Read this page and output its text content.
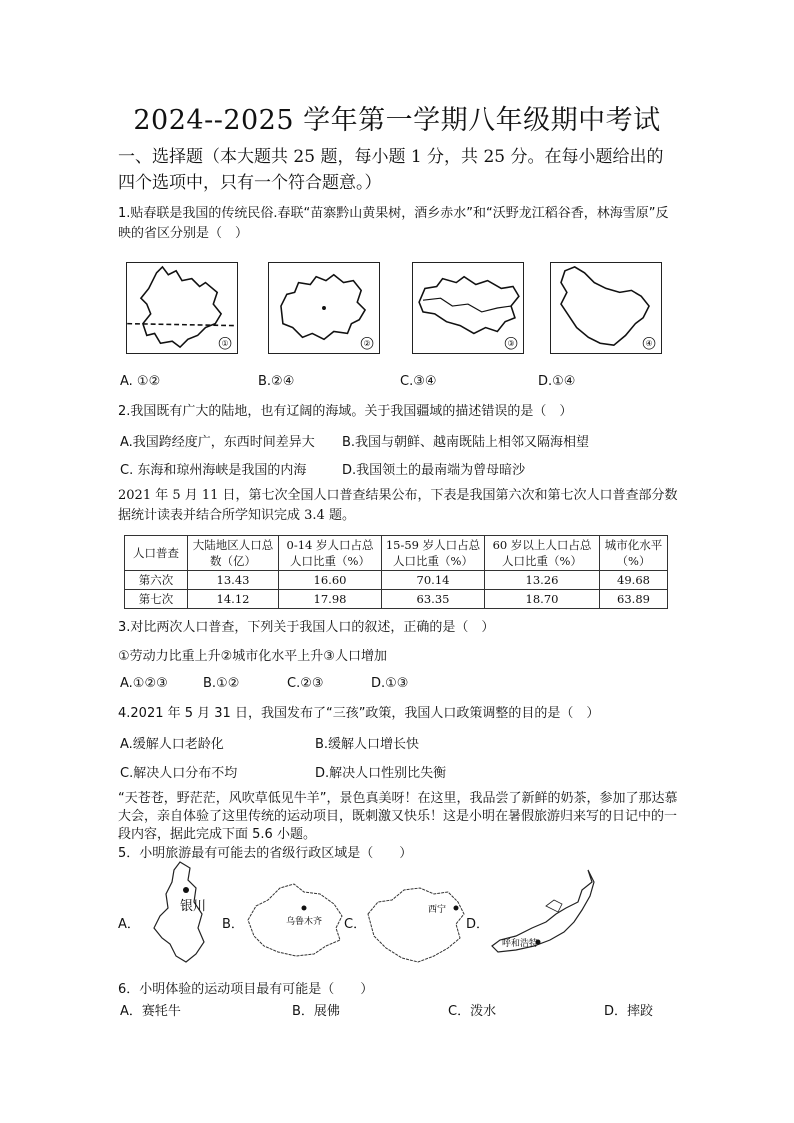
2024--2025 学年第一学期八年级期中考试
一、选择题（本大题共 25 题，每小题 1 分，共 25 分。在每小题给出的四个选项中，只有一个符合题意。）
1.贴春联是我国的传统民俗.春联“苗寨黔山黄果树，酒乡赤水”和“沃野龙江稻谷香，林海雪原”反映的省区分别是（　）
①	②	③	④
A. ①②	B.②④	C.③④	D.①④
2.我国既有广大的陆地，也有辽阔的海域。关于我国疆域的描述错误的是（　）
A.我国跨经度广，东西时间差异大 B.我国与朝鲜、越南既陆上相邻又隔海相望
C. 东海和琼州海峡是我国的内海	D.我国领土的最南端为曾母暗沙
2021 年 5 月 11 日，第七次全国人口普查结果公布，下表是我国第六次和第七次人口普查部分数据统计读表并结合所学知识完成 3.4 题。
人口普查	大陆地区人口总数（亿）	0-14 岁人口占总人口比重（%）	15-59 岁人口占总人口比重（%）	60 岁以上人口占总人口比重（%）	城市化水平（%）
第六次	13.43	16.60	70.14	13.26	49.68
第七次	14.12	17.98	63.35	18.70	63.89
3.对比两次人口普查，下列关于我国人口的叙述，正确的是（　）
①劳动力比重上升②城市化水平上升③人口增加
A.①②③	B.①②	C.②③	D.①③
4.2021 年 5 月 31 日，我国发布了“三孩”政策，我国人口政策调整的目的是（　）
A.缓解人口老龄化	B.缓解人口增长快
C.解决人口分布不均	D.解决人口性别比失衡
“天苍苍，野茫茫，风吹草低见牛羊”，景色真美呀！在这里，我品尝了新鲜的奶茶，参加了那达慕大会，亲自体验了这里传统的运动项目，既刺激又快乐！这是小明在暑假旅游归来写的日记中的一段内容，据此完成下面 5.6 小题。
5．小明旅游最有可能去的省级行政区域是（　　）
A．
银川
B．	乌鲁木齐 C．
西宁
D．
呼和浩特
6．小明体验的运动项目最有可能是（　　）
A．赛牦牛	B．展佛	C．泼水	D．摔跤
